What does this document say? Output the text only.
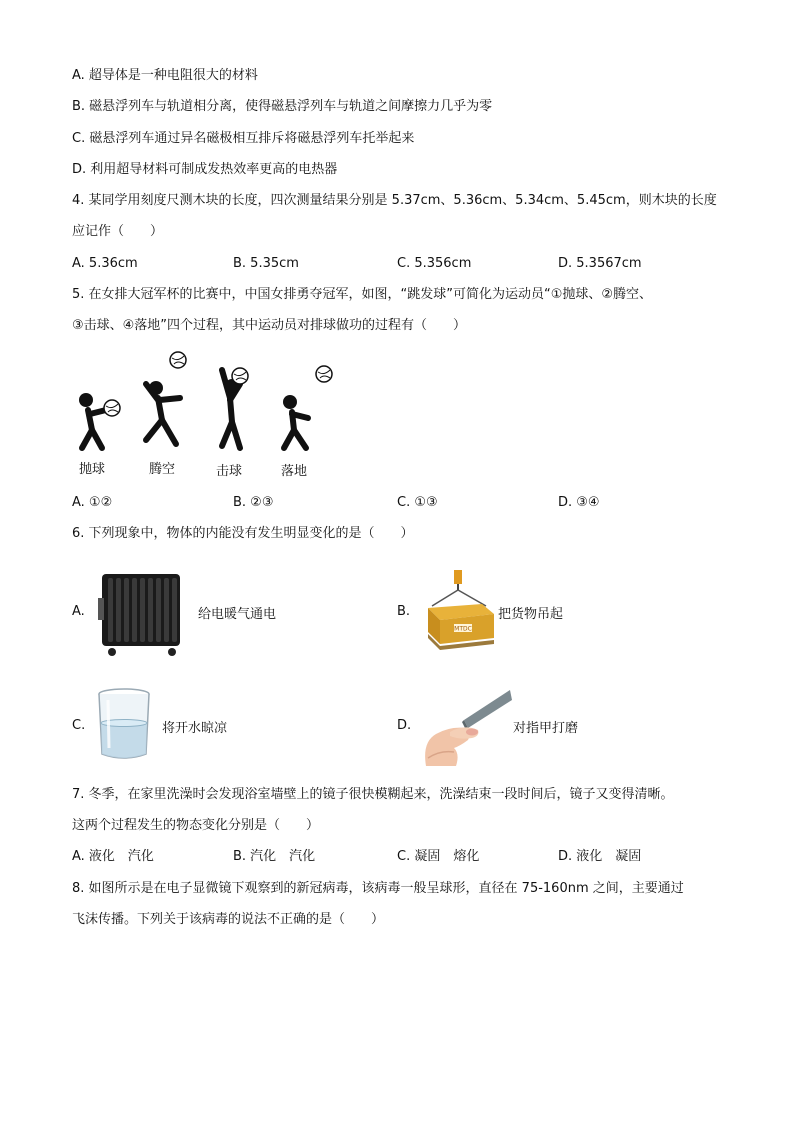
A. 超导体是一种电阻很大的材料
B. 磁悬浮列车与轨道相分离，使得磁悬浮列车与轨道之间摩擦力几乎为零
C. 磁悬浮列车通过异名磁极相互排斥将磁悬浮列车托举起来
D. 利用超导材料可制成发热效率更高的电热器
4. 某同学用刻度尺测木块的长度，四次测量结果分别是 5.37cm、5.36cm、5.34cm、5.45cm，则木块的长度
应记作（　　）
A. 5.36cm	B. 5.35cm	C. 5.356cm	D. 5.3567cm
5. 在女排大冠军杯的比赛中，中国女排勇夺冠军，如图，“跳发球”可简化为运动员“①抛球、②腾空、
③击球、④落地”四个过程，其中运动员对排球做功的过程有（　　）
抛球	腾空	击球	落地
A. ①②	B. ②③	C. ①③	D. ③④
6. 下列现象中，物体的内能没有发生明显变化的是（　　）
A.	给电暖气通电	B.
MTDC
把货物吊起
C.	将开水晾凉	D.	对指甲打磨
7. 冬季，在家里洗澡时会发现浴室墙壁上的镜子很快模糊起来，洗澡结束一段时间后，镜子又变得清晰。
这两个过程发生的物态变化分别是（　　）
A. 液化　汽化	B. 汽化　汽化	C. 凝固　熔化	D. 液化　凝固
8. 如图所示是在电子显微镜下观察到的新冠病毒，该病毒一般呈球形，直径在 75-160nm 之间，主要通过
飞沫传播。下列关于该病毒的说法不正确的是（　　）
